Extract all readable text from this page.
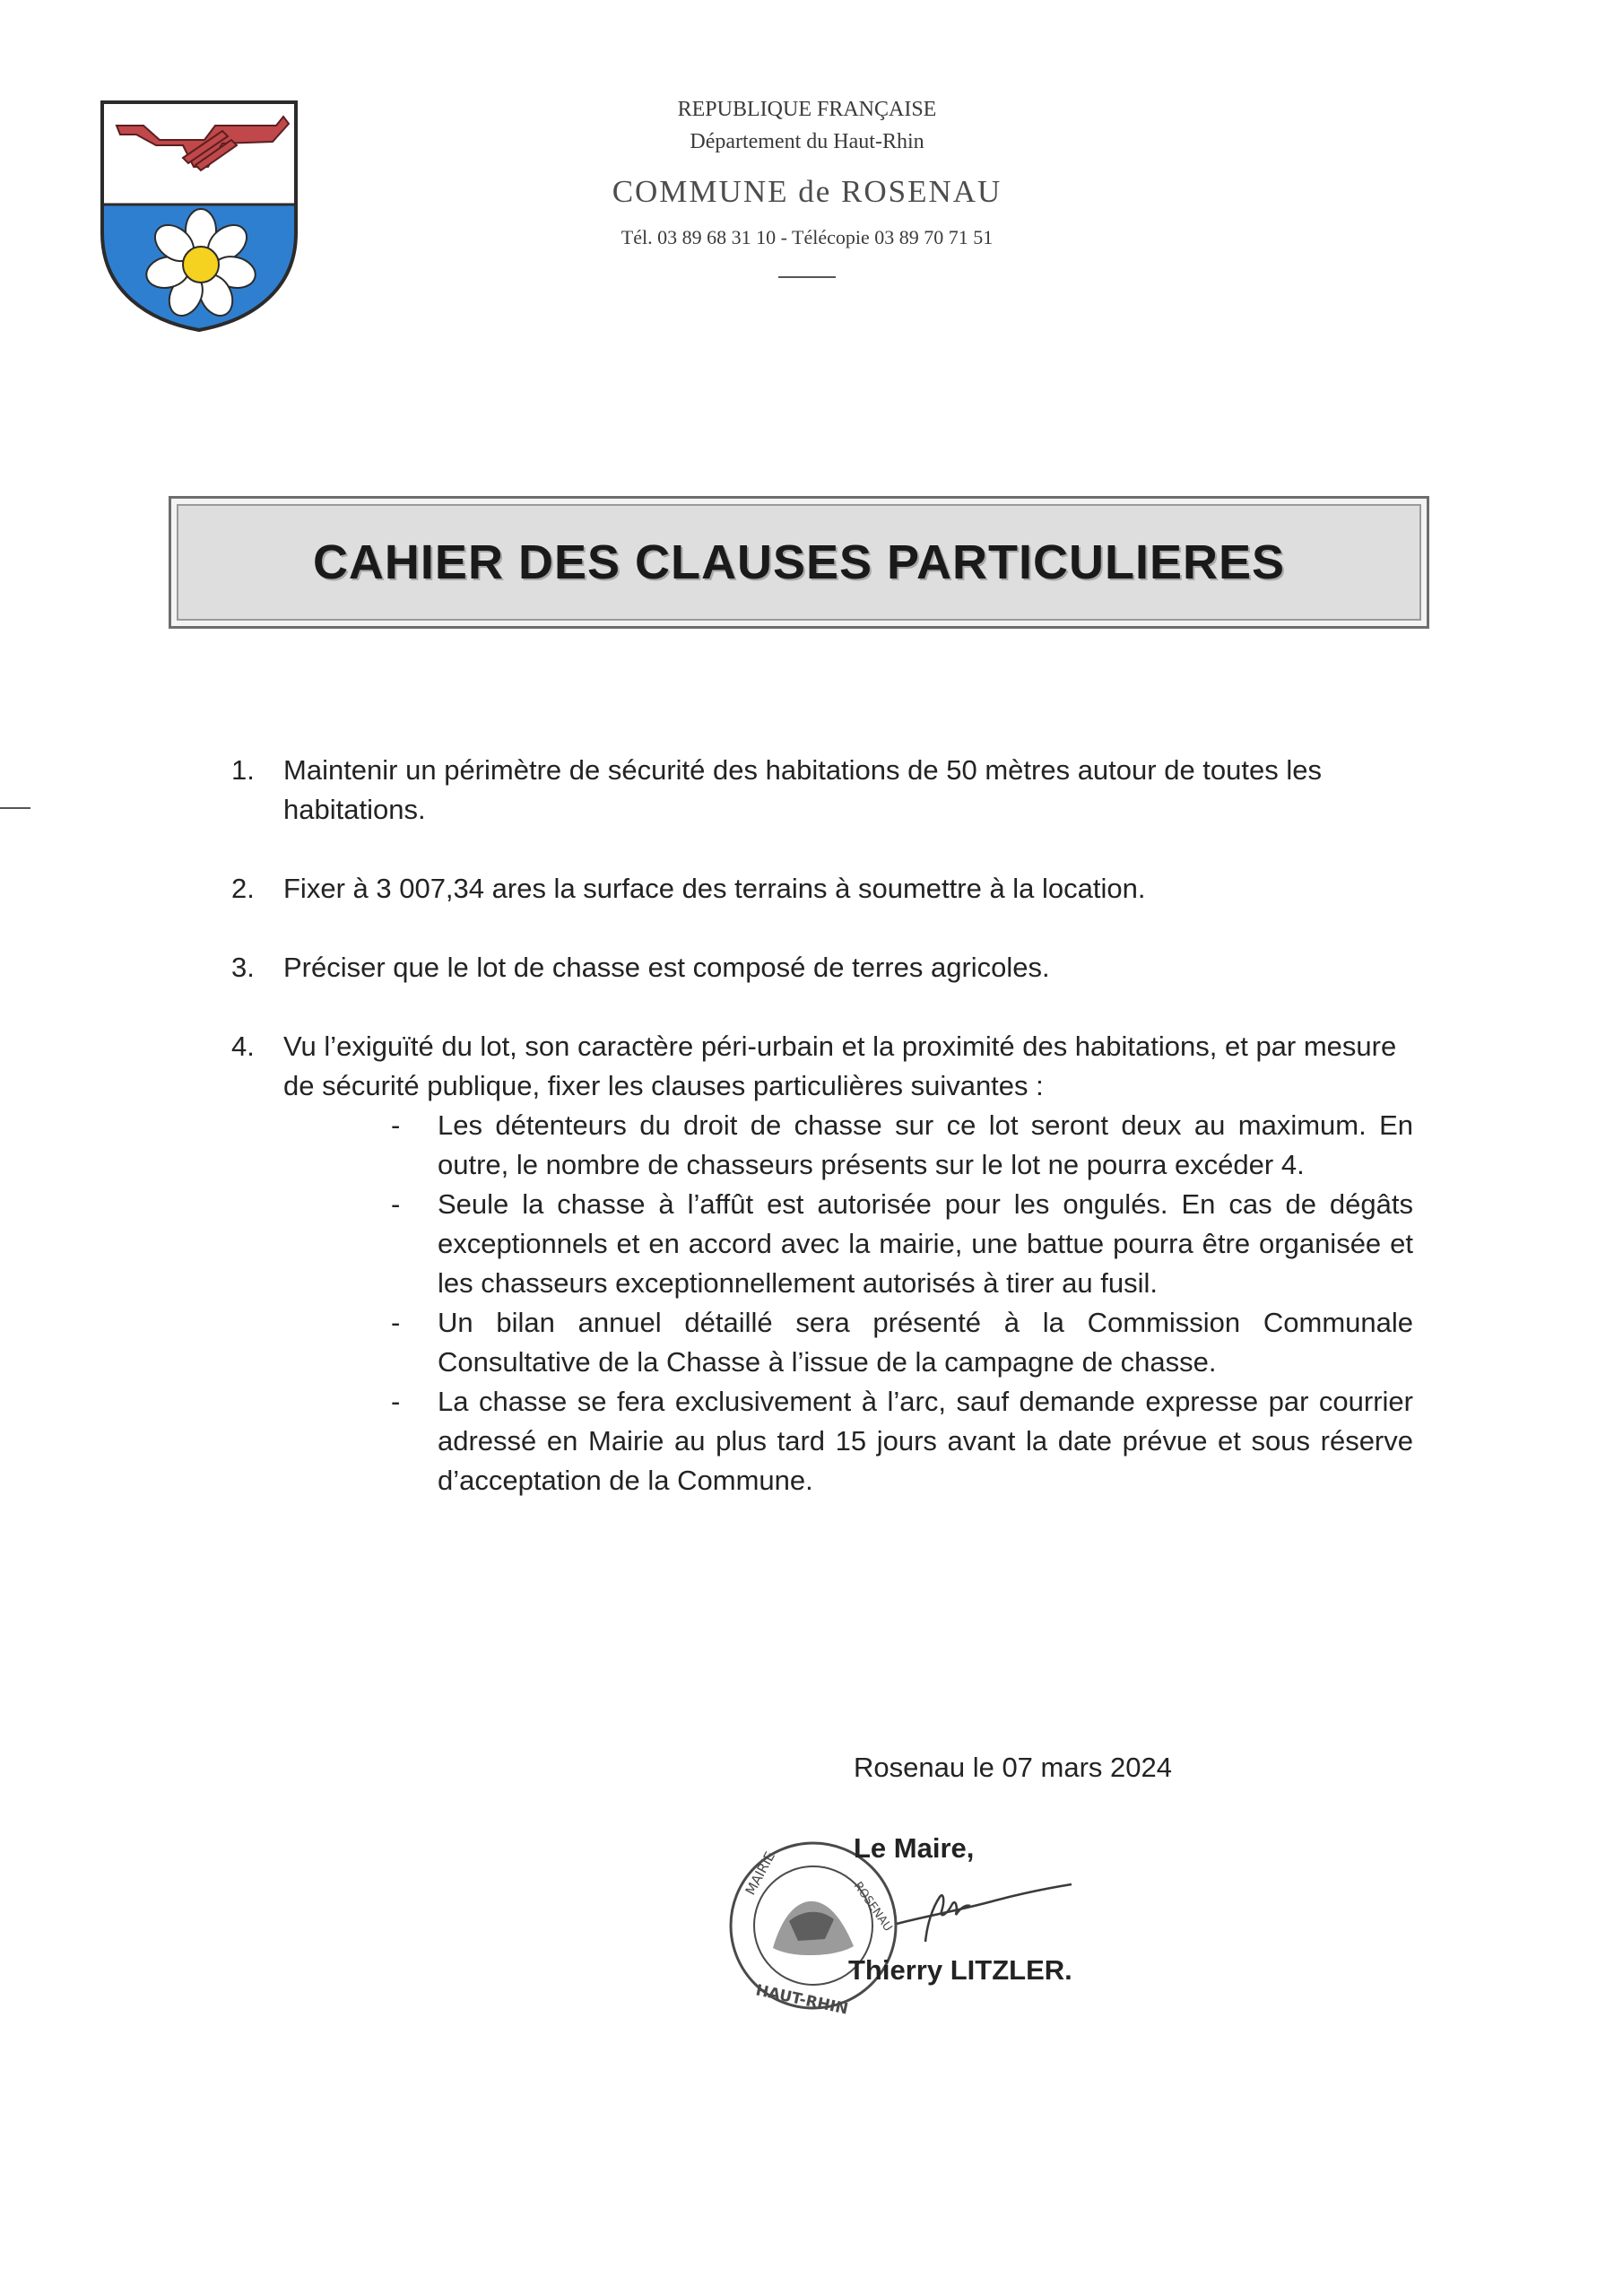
REPUBLIQUE FRANÇAISE
Département du Haut-Rhin
COMMUNE de ROSENAU
Tél. 03 89 68 31 10 - Télécopie 03 89 70 71 51
CAHIER DES CLAUSES PARTICULIERES
1.	Maintenir un périmètre de sécurité des habitations de 50 mètres autour de toutes les habitations.
2.	Fixer à 3 007,34 ares la surface des terrains à soumettre à la location.
3.	Préciser que le lot de chasse est composé de terres agricoles.
4.	Vu l’exiguïté du lot, son caractère péri-urbain et la proximité des habitations, et par mesure de sécurité publique, fixer les clauses particulières suivantes :
-	Les détenteurs du droit de chasse sur ce lot seront deux au maximum. En outre, le nombre de chasseurs présents sur le lot ne pourra excéder 4.
-	Seule la chasse à l’affût est autorisée pour les ongulés. En cas de dégâts exceptionnels et en accord avec la mairie, une battue pourra être organisée et les chasseurs exceptionnellement autorisés à tirer au fusil.
-	Un bilan annuel détaillé sera présenté à la Commission Communale Consultative de la Chasse à l’issue de la campagne de chasse.
-	La chasse se fera exclusivement à l’arc, sauf demande expresse par courrier adressé en Mairie au plus tard 15 jours avant la date prévue et sous réserve d’acceptation de la Commune.
Rosenau le 07 mars 2024
MAIRIE
ROSENAU
HAUT-RHIN
Le Maire,
Thierry LITZLER.
